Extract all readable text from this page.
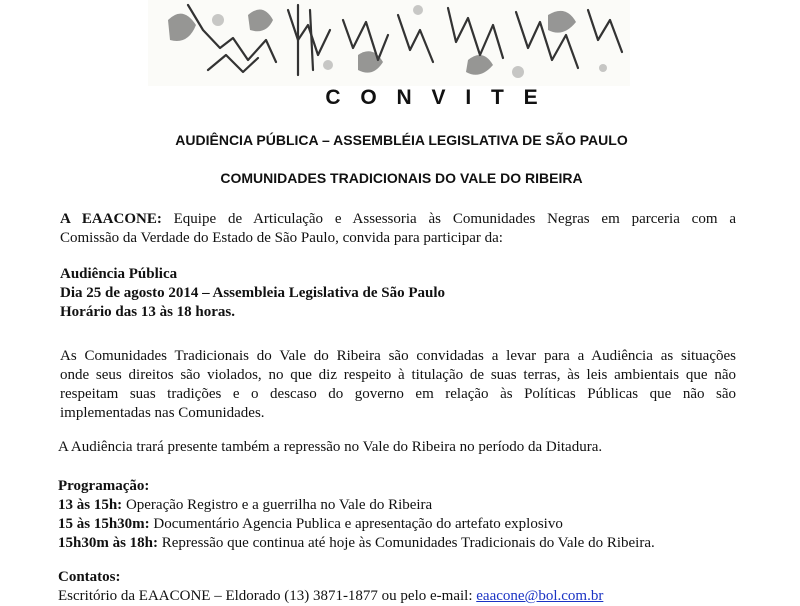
C O N V I T E
AUDIÊNCIA PÚBLICA – ASSEMBLÉIA LEGISLATIVA DE SÃO PAULO
COMUNIDADES TRADICIONAIS DO VALE DO RIBEIRA
A EAACONE: Equipe de Articulação e Assessoria às Comunidades Negras em parceria com a
Comissão da Verdade do Estado de São Paulo, convida para participar da:
Audiência Pública
Dia 25 de agosto 2014 – Assembleia Legislativa de São Paulo
Horário das 13 às 18 horas.
As Comunidades Tradicionais do Vale do Ribeira são convidadas a levar para a Audiência as situações
onde seus direitos são violados, no que diz respeito à titulação de suas terras, às leis ambientais que não
respeitam suas tradições e o descaso do governo em relação às Políticas Públicas que não são
implementadas nas Comunidades.
A Audiência trará presente também a repressão no Vale do Ribeira no período da Ditadura.
Programação:
13 às 15h: Operação Registro e a guerrilha no Vale do Ribeira
15 às 15h30m: Documentário Agencia Publica e apresentação do artefato explosivo
15h30m às 18h: Repressão que continua até hoje às Comunidades Tradicionais do Vale do Ribeira.
Contatos:
Escritório da EAACONE – Eldorado (13) 3871-1877 ou pelo e-mail: eaacone@bol.com.br
